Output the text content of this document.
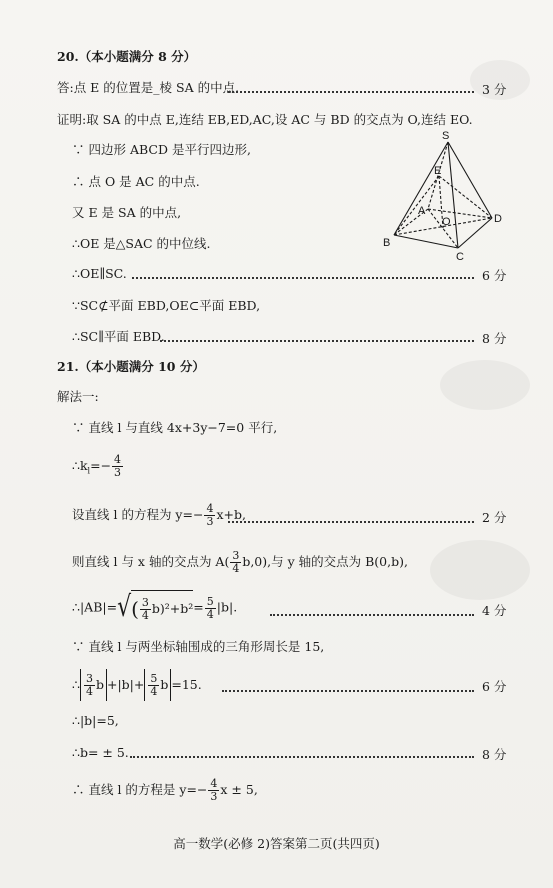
20.（本小题满分 8 分）
答:点 E 的位置是_棱 SA 的中点.	3 分
证明:取 SA 的中点 E,连结 EB,ED,AC,设 AC 与 BD 的交点为 O,连结 EO.
∵ 四边形 ABCD 是平行四边形,
∴ 点 O 是 AC 的中点.
又 E 是 SA 的中点,
∴OE 是△SAC 的中位线.
∴OE∥SC.	6 分
∵SC⊄平面 EBD,OE⊂平面 EBD,
∴SC∥平面 EBD.	8 分
S
E
A
O	D
B
C
21.（本小题满分 10 分）
解法一:
∵ 直线 l 与直线 4x+3y−7=0 平行,
$\therefore k_l=- \frac{4}{3}$
设直线 l 的方程为 $y=- \frac{4}{3} x+b$,	2 分
则直线 l 与 x 轴的交点为 $A( \frac{3}{4} b,0)$,与 y 轴的交点为 B(0,b),
∴|AB|= √ ( $\frac{3}{4}$ b )$^2+b^2 = \frac{5}{4} |b|$.	4 分
∵ 直线 l 与两坐标轴围成的三角形周长是 15,
∴ $\frac{3}{4}$ $b +|b|+ \frac{5}{4}$ b =15.	6 分
∴|b|=5,
∴b= ± 5.	8 分
∴ 直线 l 的方程是 $y=- \frac{4}{3}$ x ± 5,
高一数学(必修 2)答案第二页(共四页)
